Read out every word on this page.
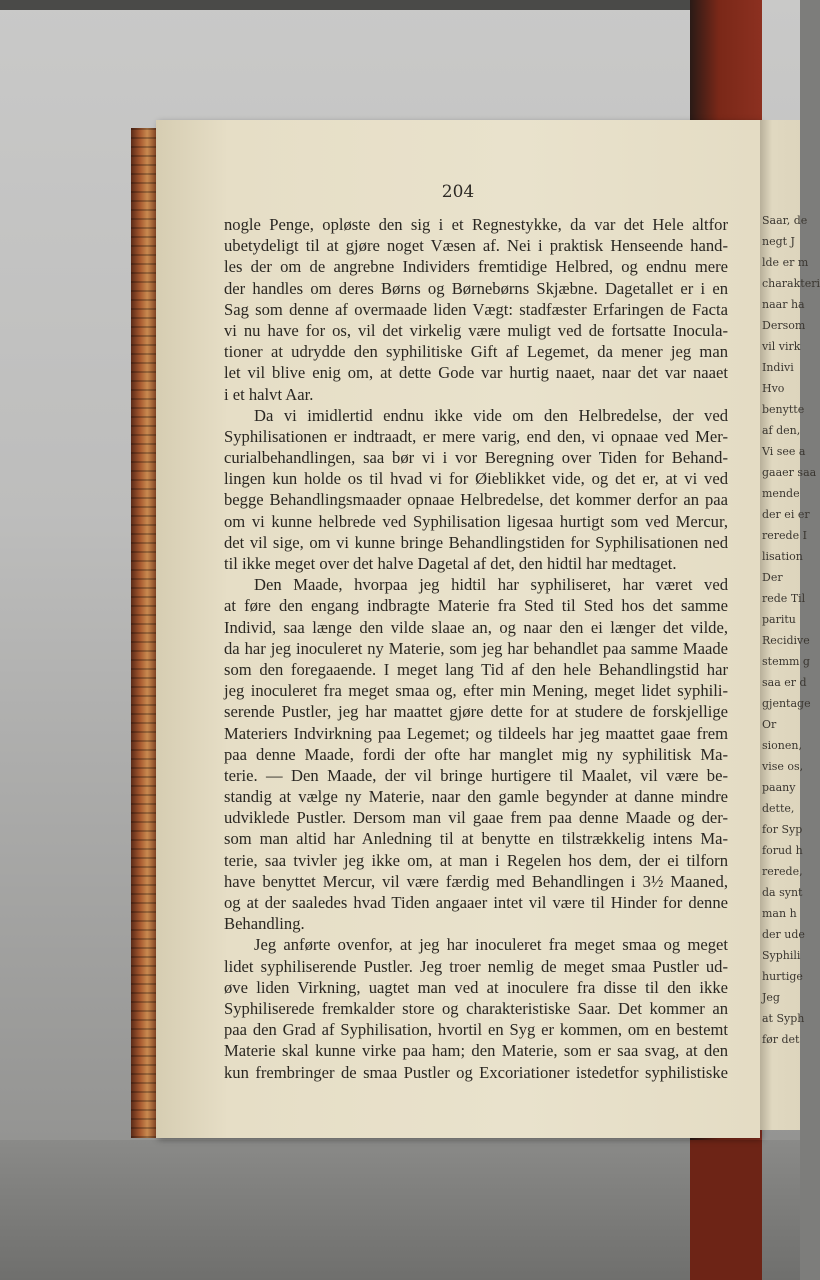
204
nogle Penge, opløste den sig i et Regnestykke, da var det Hele altfor
ubetydeligt til at gjøre noget Væsen af. Nei i praktisk Henseende hand-
les der om de angrebne Individers fremtidige Helbred, og endnu mere
der handles om deres Børns og Børnebørns Skjæbne. Dagetallet er i en
Sag som denne af overmaade liden Vægt: stadfæster Erfaringen de Facta
vi nu have for os, vil det virkelig være muligt ved de fortsatte Inocula-
tioner at udrydde den syphilitiske Gift af Legemet, da mener jeg man
let vil blive enig om, at dette Gode var hurtig naaet, naar det var naaet
i et halvt Aar.
Da vi imidlertid endnu ikke vide om den Helbredelse, der ved
Syphilisationen er indtraadt, er mere varig, end den, vi opnaae ved Mer-
curialbehandlingen, saa bør vi i vor Beregning over Tiden for Behand-
lingen kun holde os til hvad vi for Øieblikket vide, og det er, at vi ved
begge Behandlingsmaader opnaae Helbredelse, det kommer derfor an paa
om vi kunne helbrede ved Syphilisation ligesaa hurtigt som ved Mercur,
det vil sige, om vi kunne bringe Behandlingstiden for Syphilisationen ned
til ikke meget over det halve Dagetal af det, den hidtil har medtaget.
Den Maade, hvorpaa jeg hidtil har syphiliseret, har været ved
at føre den engang indbragte Materie fra Sted til Sted hos det samme
Individ, saa længe den vilde slaae an, og naar den ei længer det vilde,
da har jeg inoculeret ny Materie, som jeg har behandlet paa samme Maade
som den foregaaende. I meget lang Tid af den hele Behandlingstid har
jeg inoculeret fra meget smaa og, efter min Mening, meget lidet syphili-
serende Pustler, jeg har maattet gjøre dette for at studere de forskjellige
Materiers Indvirkning paa Legemet; og tildeels har jeg maattet gaae frem
paa denne Maade, fordi der ofte har manglet mig ny syphilitisk Ma-
terie. — Den Maade, der vil bringe hurtigere til Maalet, vil være be-
standig at vælge ny Materie, naar den gamle begynder at danne mindre
udviklede Pustler. Dersom man vil gaae frem paa denne Maade og der-
som man altid har Anledning til at benytte en tilstrækkelig intens Ma-
terie, saa tvivler jeg ikke om, at man i Regelen hos dem, der ei tilforn
have benyttet Mercur, vil være færdig med Behandlingen i 3½ Maaned,
og at der saaledes hvad Tiden angaaer intet vil være til Hinder for denne
Behandling.
Jeg anførte ovenfor, at jeg har inoculeret fra meget smaa og meget
lidet syphiliserende Pustler. Jeg troer nemlig de meget smaa Pustler ud-
øve liden Virkning, uagtet man ved at inoculere fra disse til den ikke
Syphiliserede fremkalder store og charakteristiske Saar. Det kommer an
paa den Grad af Syphilisation, hvortil en Syg er kommen, om en bestemt
Materie skal kunne virke paa ham; den Materie, som er saa svag, at den
kun frembringer de smaa Pustler og Excoriationer istedetfor syphilistiske
Saar, de
negt J
lde er m
charakteri
naar ha
Dersom
vil virk
Indivi
Hvo
benytte
af den,
Vi see a
gaaer saa
mende
der ei er
rerede I
lisation
Der
rede Til
paritu
Recidive
stemm g
saa er d
gjentage
Or
sionen,
vise os,
paany
dette,
for Syp
forud h
rerede,
da synt
man h
der ude
Syphili
hurtige
Jeg
at Syph
før det
